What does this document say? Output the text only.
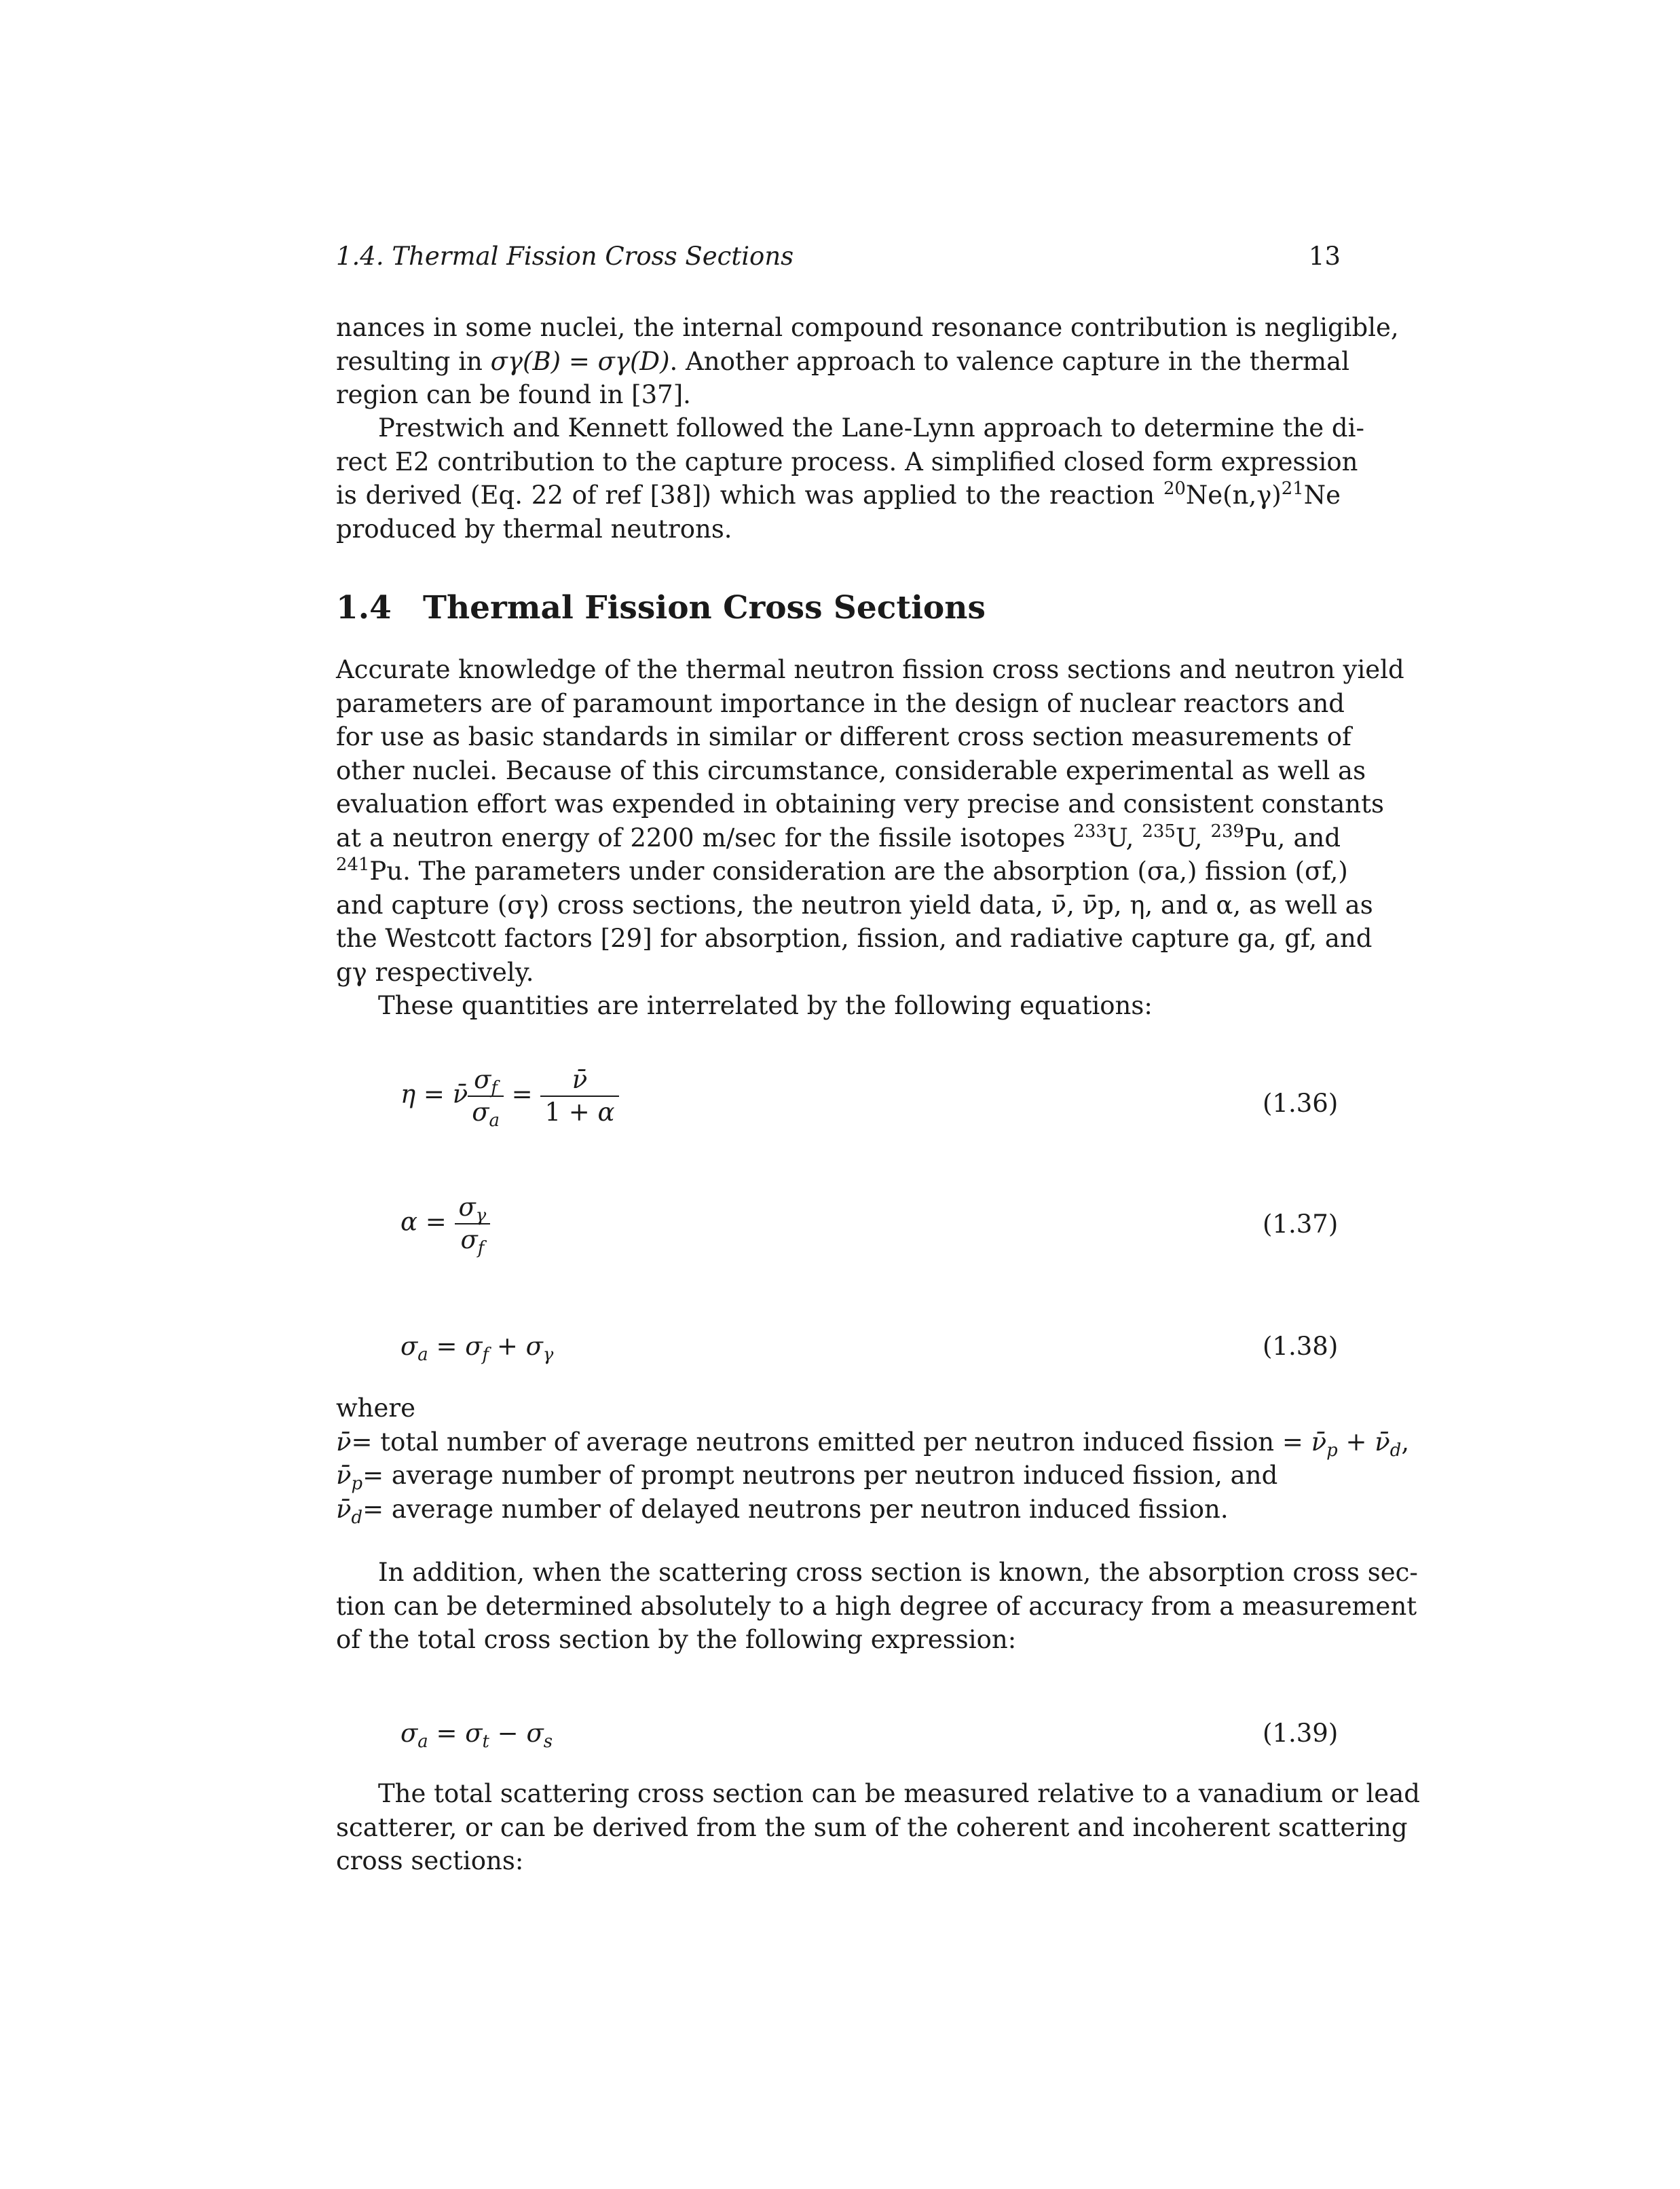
1.4. Thermal Fission Cross Sections	13
nances in some nuclei, the internal compound resonance contribution is negligible,
resulting in σγ(B) = σγ(D). Another approach to valence capture in the thermal
region can be found in [37].
Prestwich and Kennett followed the Lane-Lynn approach to determine the di-
rect E2 contribution to the capture process. A simplified closed form expression
is derived (Eq. 22 of ref [38]) which was applied to the reaction $^{20}Ne(n,\gamma)^{21}Ne$
produced by thermal neutrons.
1.4 Thermal Fission Cross Sections
Accurate knowledge of the thermal neutron fission cross sections and neutron yield
parameters are of paramount importance in the design of nuclear reactors and
for use as basic standards in similar or different cross section measurements of
other nuclei. Because of this circumstance, considerable experimental as well as
evaluation effort was expended in obtaining very precise and consistent constants
at a neutron energy of 2200 m/sec for the fissile isotopes $^{233}$U, $^{235}$U, $^{239}$Pu, and
$^{241}$Pu. The parameters under consideration are the absorption (σa,) fission (σf,)
and capture (σγ) cross sections, the neutron yield data, ν̄, ν̄p, η, and α, as well as
the Westcott factors [29] for absorption, fission, and radiative capture ga, gf, and
gγ respectively.
These quantities are interrelated by the following equations:
η = ν̄ $\frac{\sigma_f}{\sigma_a} = \frac{\nū}{1 + \alpha}$	(1.36)
$\alpha = \frac{\sigma_\gamma}{\sigma_f}$	(1.37)
$\sigma_a = \sigma_f + \sigma_\gamma$	(1.38)
where
ν̄= total number of average neutrons emitted per neutron induced fission = $\nū_p$ + $\nū_d$,
$\nū_p=$ average number of prompt neutrons per neutron induced fission, and
$\nū_d=$ average number of delayed neutrons per neutron induced fission.
In addition, when the scattering cross section is known, the absorption cross sec-
tion can be determined absolutely to a high degree of accuracy from a measurement
of the total cross section by the following expression:
$\sigma_a = \sigma_t - \sigma_s$	(1.39)
The total scattering cross section can be measured relative to a vanadium or lead
scatterer, or can be derived from the sum of the coherent and incoherent scattering
cross sections:
